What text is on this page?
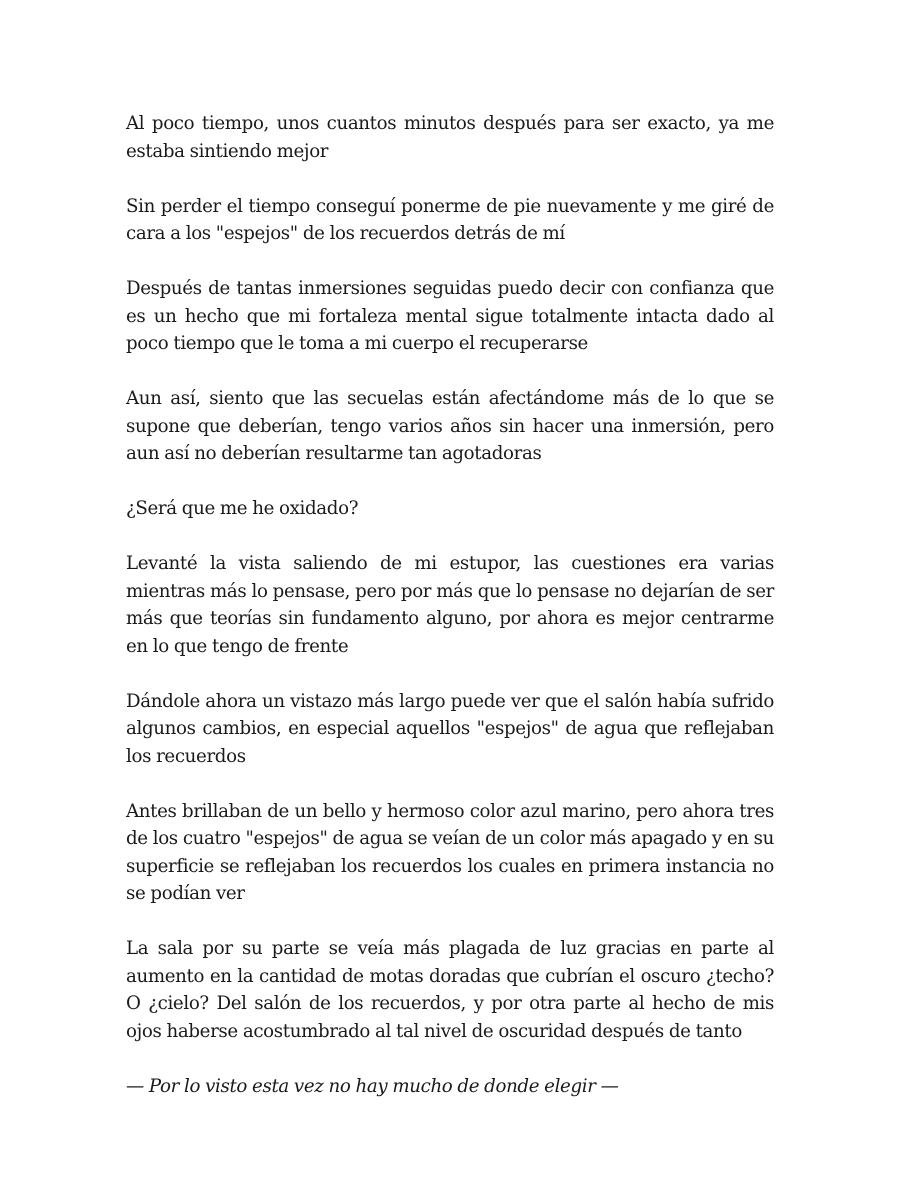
Al poco tiempo, unos cuantos minutos después para ser exacto, ya me estaba sintiendo mejor

Sin perder el tiempo conseguí ponerme de pie nuevamente y me giré de cara a los "espejos" de los recuerdos detrás de mí

Después de tantas inmersiones seguidas puedo decir con confianza que es un hecho que mi fortaleza mental sigue totalmente intacta dado al poco tiempo que le toma a mi cuerpo el recuperarse

Aun así, siento que las secuelas están afectándome más de lo que se supone que deberían, tengo varios años sin hacer una inmersión, pero aun así no deberían resultarme tan agotadoras

¿Será que me he oxidado?

Levanté la vista saliendo de mi estupor, las cuestiones era varias mientras más lo pensase, pero por más que lo pensase no dejarían de ser más que teorías sin fundamento alguno, por ahora es mejor centrarme en lo que tengo de frente

Dándole ahora un vistazo más largo puede ver que el salón había sufrido algunos cambios, en especial aquellos "espejos" de agua que reflejaban los recuerdos

Antes brillaban de un bello y hermoso color azul marino, pero ahora tres de los cuatro "espejos" de agua se veían de un color más apagado y en su superficie se reflejaban los recuerdos los cuales en primera instancia no se podían ver

La sala por su parte se veía más plagada de luz gracias en parte al aumento en la cantidad de motas doradas que cubrían el oscuro ¿techo? O ¿cielo? Del salón de los recuerdos, y por otra parte al hecho de mis ojos haberse acostumbrado al tal nivel de oscuridad después de tanto

— Por lo visto esta vez no hay mucho de donde elegir —
